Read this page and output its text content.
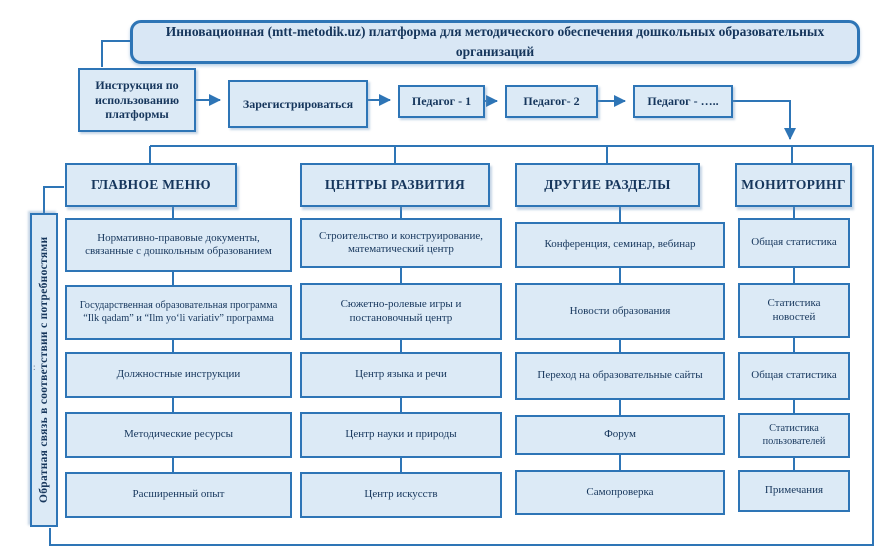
Инновационная (mtt-metodik.uz) платформа для методического обеспечения дошкольных образовательных организаций
Инструкция по использованию платформы
Зарегистрироваться	Педагог - 1	Педагог- 2	Педагог - …..
ГЛАВНОЕ МЕНЮ	ЦЕНТРЫ РАЗВИТИЯ	ДРУГИЕ РАЗДЕЛЫ	МОНИТОРИНГ
Нормативно-правовые документы, связанные с дошкольным образованием
Государственная образовательная программа “Ilk qadam” и “Ilm yo‘li variativ” программа
Должностные инструкции
Методические ресурсы
Расширенный опыт
Строительство и конструирование, математический центр
Сюжетно-ролевые игры и постановочный центр
Центр языка и речи
Центр науки и природы
Центр искусств
Конференция, семинар, вебинар
Новости образования
Переход на образовательные сайты
Форум
Самопроверка
Общая статистика
Статистика новостей
Общая статистика
Статистика пользователей
Примечания
Обратная связь в соответствии с потребностями
:
